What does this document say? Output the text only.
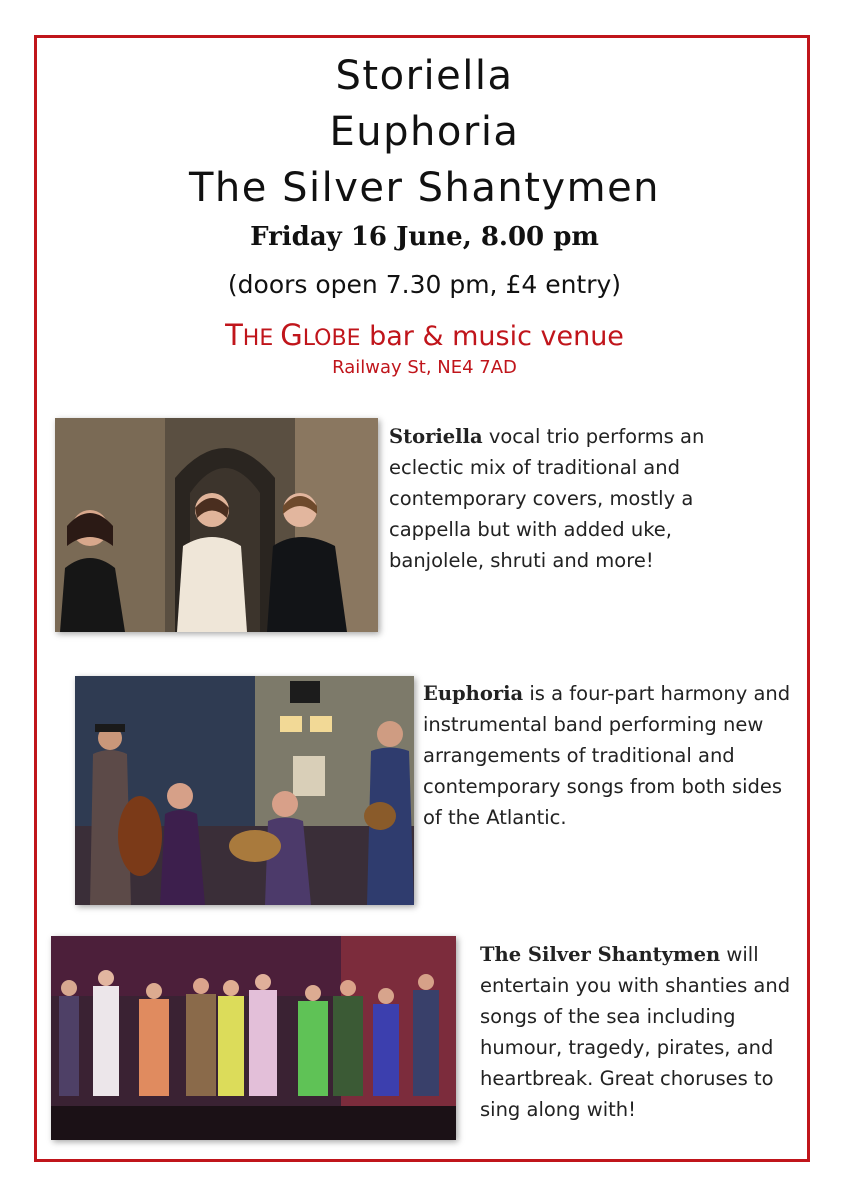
Storiella
Euphoria
The Silver Shantymen
Friday 16 June, 8.00 pm
(doors open 7.30 pm, £4 entry)
THE GLOBE bar & music venue
Railway St, NE4 7AD
Storiella vocal trio performs an eclectic mix of traditional and contemporary covers, mostly a cappella but with added uke, banjolele, shruti and more!
Euphoria is a four-part harmony and instrumental band performing new arrangements of traditional and contemporary songs from both sides of the Atlantic.
The Silver Shantymen will entertain you with shanties and songs of the sea including humour, tragedy, pirates, and heartbreak. Great choruses to sing along with!
